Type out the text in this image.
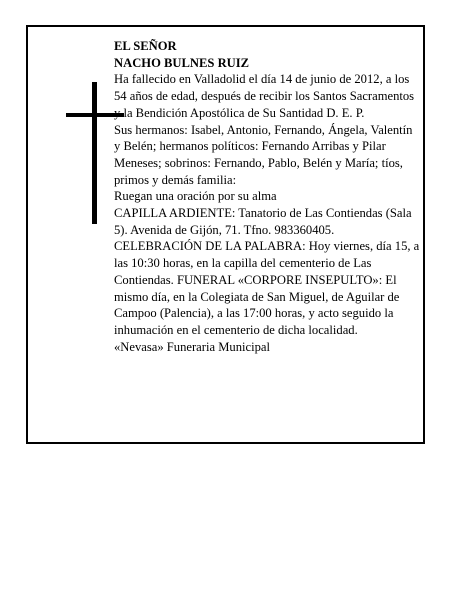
EL SEÑOR

NACHO BULNES RUIZ

Ha fallecido en Valladolid el día 14 de junio de 2012, a los 54 años de edad, después de recibir los Santos Sacramentos y la Bendición Apostólica de Su Santidad D. E. P.

Sus hermanos: Isabel, Antonio, Fernando, Ángela, Valentín y Belén; hermanos políticos: Fernando Arribas y Pilar Meneses; sobrinos: Fernando, Pablo, Belén y María; tíos, primos y demás familia:

Ruegan una oración por su alma

CAPILLA ARDIENTE: Tanatorio de Las Contiendas (Sala 5). Avenida de Gijón, 71. Tfno. 983360405.

CELEBRACIÓN DE LA PALABRA: Hoy viernes, día 15, a las 10:30 horas, en la capilla del cementerio de Las Contiendas. FUNERAL «CORPORE INSEPULTO»: El mismo día, en la Colegiata de San Miguel, de Aguilar de Campoo (Palencia), a las 17:00 horas, y acto seguido la inhumación en el cementerio de dicha localidad.

«Nevasa» Funeraria Municipal
